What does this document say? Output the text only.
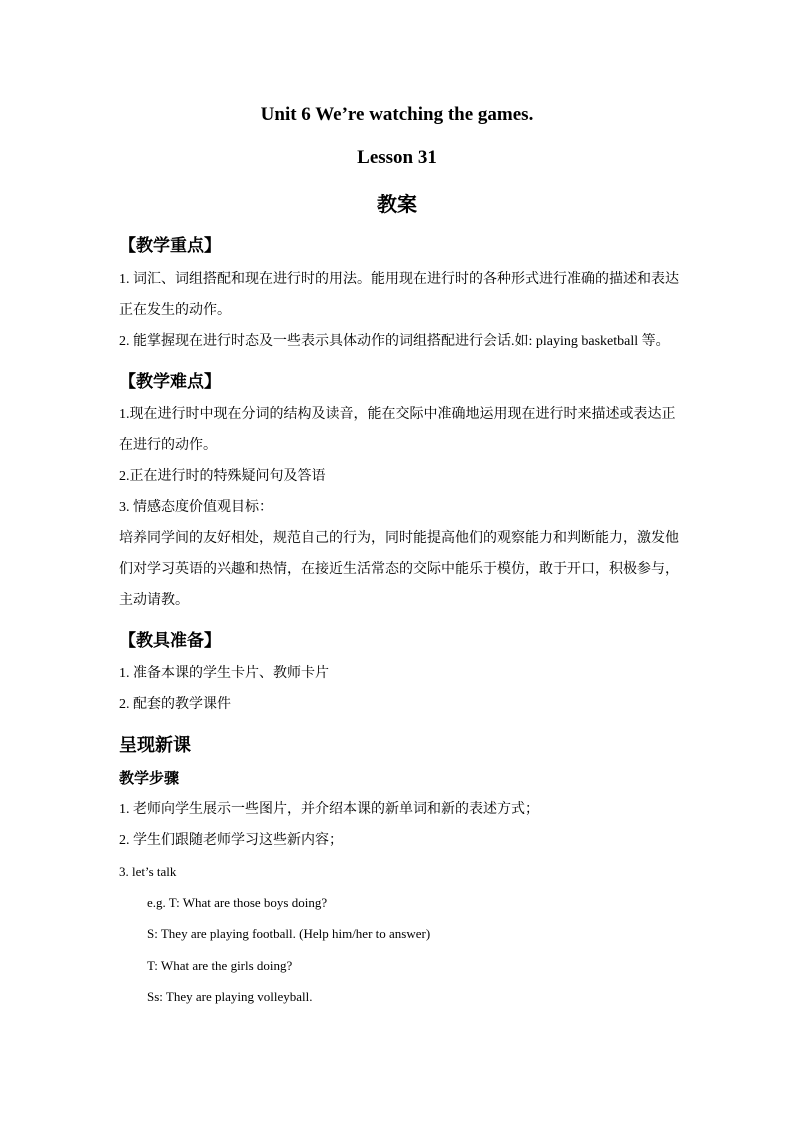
Unit 6 We’re watching the games.
Lesson 31
教案
【教学重点】
1. 词汇、词组搭配和现在进行时的用法。能用现在进行时的各种形式进行准确的描述和表达正在发生的动作。
2. 能掌握现在进行时态及一些表示具体动作的词组搭配进行会话.如: playing basketball 等。
【教学难点】
1.现在进行时中现在分词的结构及读音，能在交际中准确地运用现在进行时来描述或表达正在进行的动作。
2.正在进行时的特殊疑问句及答语
3. 情感态度价值观目标：
培养同学间的友好相处，规范自己的行为，同时能提高他们的观察能力和判断能力，激发他们对学习英语的兴趣和热情，在接近生活常态的交际中能乐于模仿，敢于开口，积极参与，主动请教。
【教具准备】
1. 准备本课的学生卡片、教师卡片
2. 配套的教学课件
呈现新课
教学步骤
1. 老师向学生展示一些图片，并介绍本课的新单词和新的表述方式；
2. 学生们跟随老师学习这些新内容；
3. let’s talk
e.g. T: What are those boys doing?
S: They are playing football. (Help him/her to answer)
T: What are the girls doing?
Ss: They are playing volleyball.
